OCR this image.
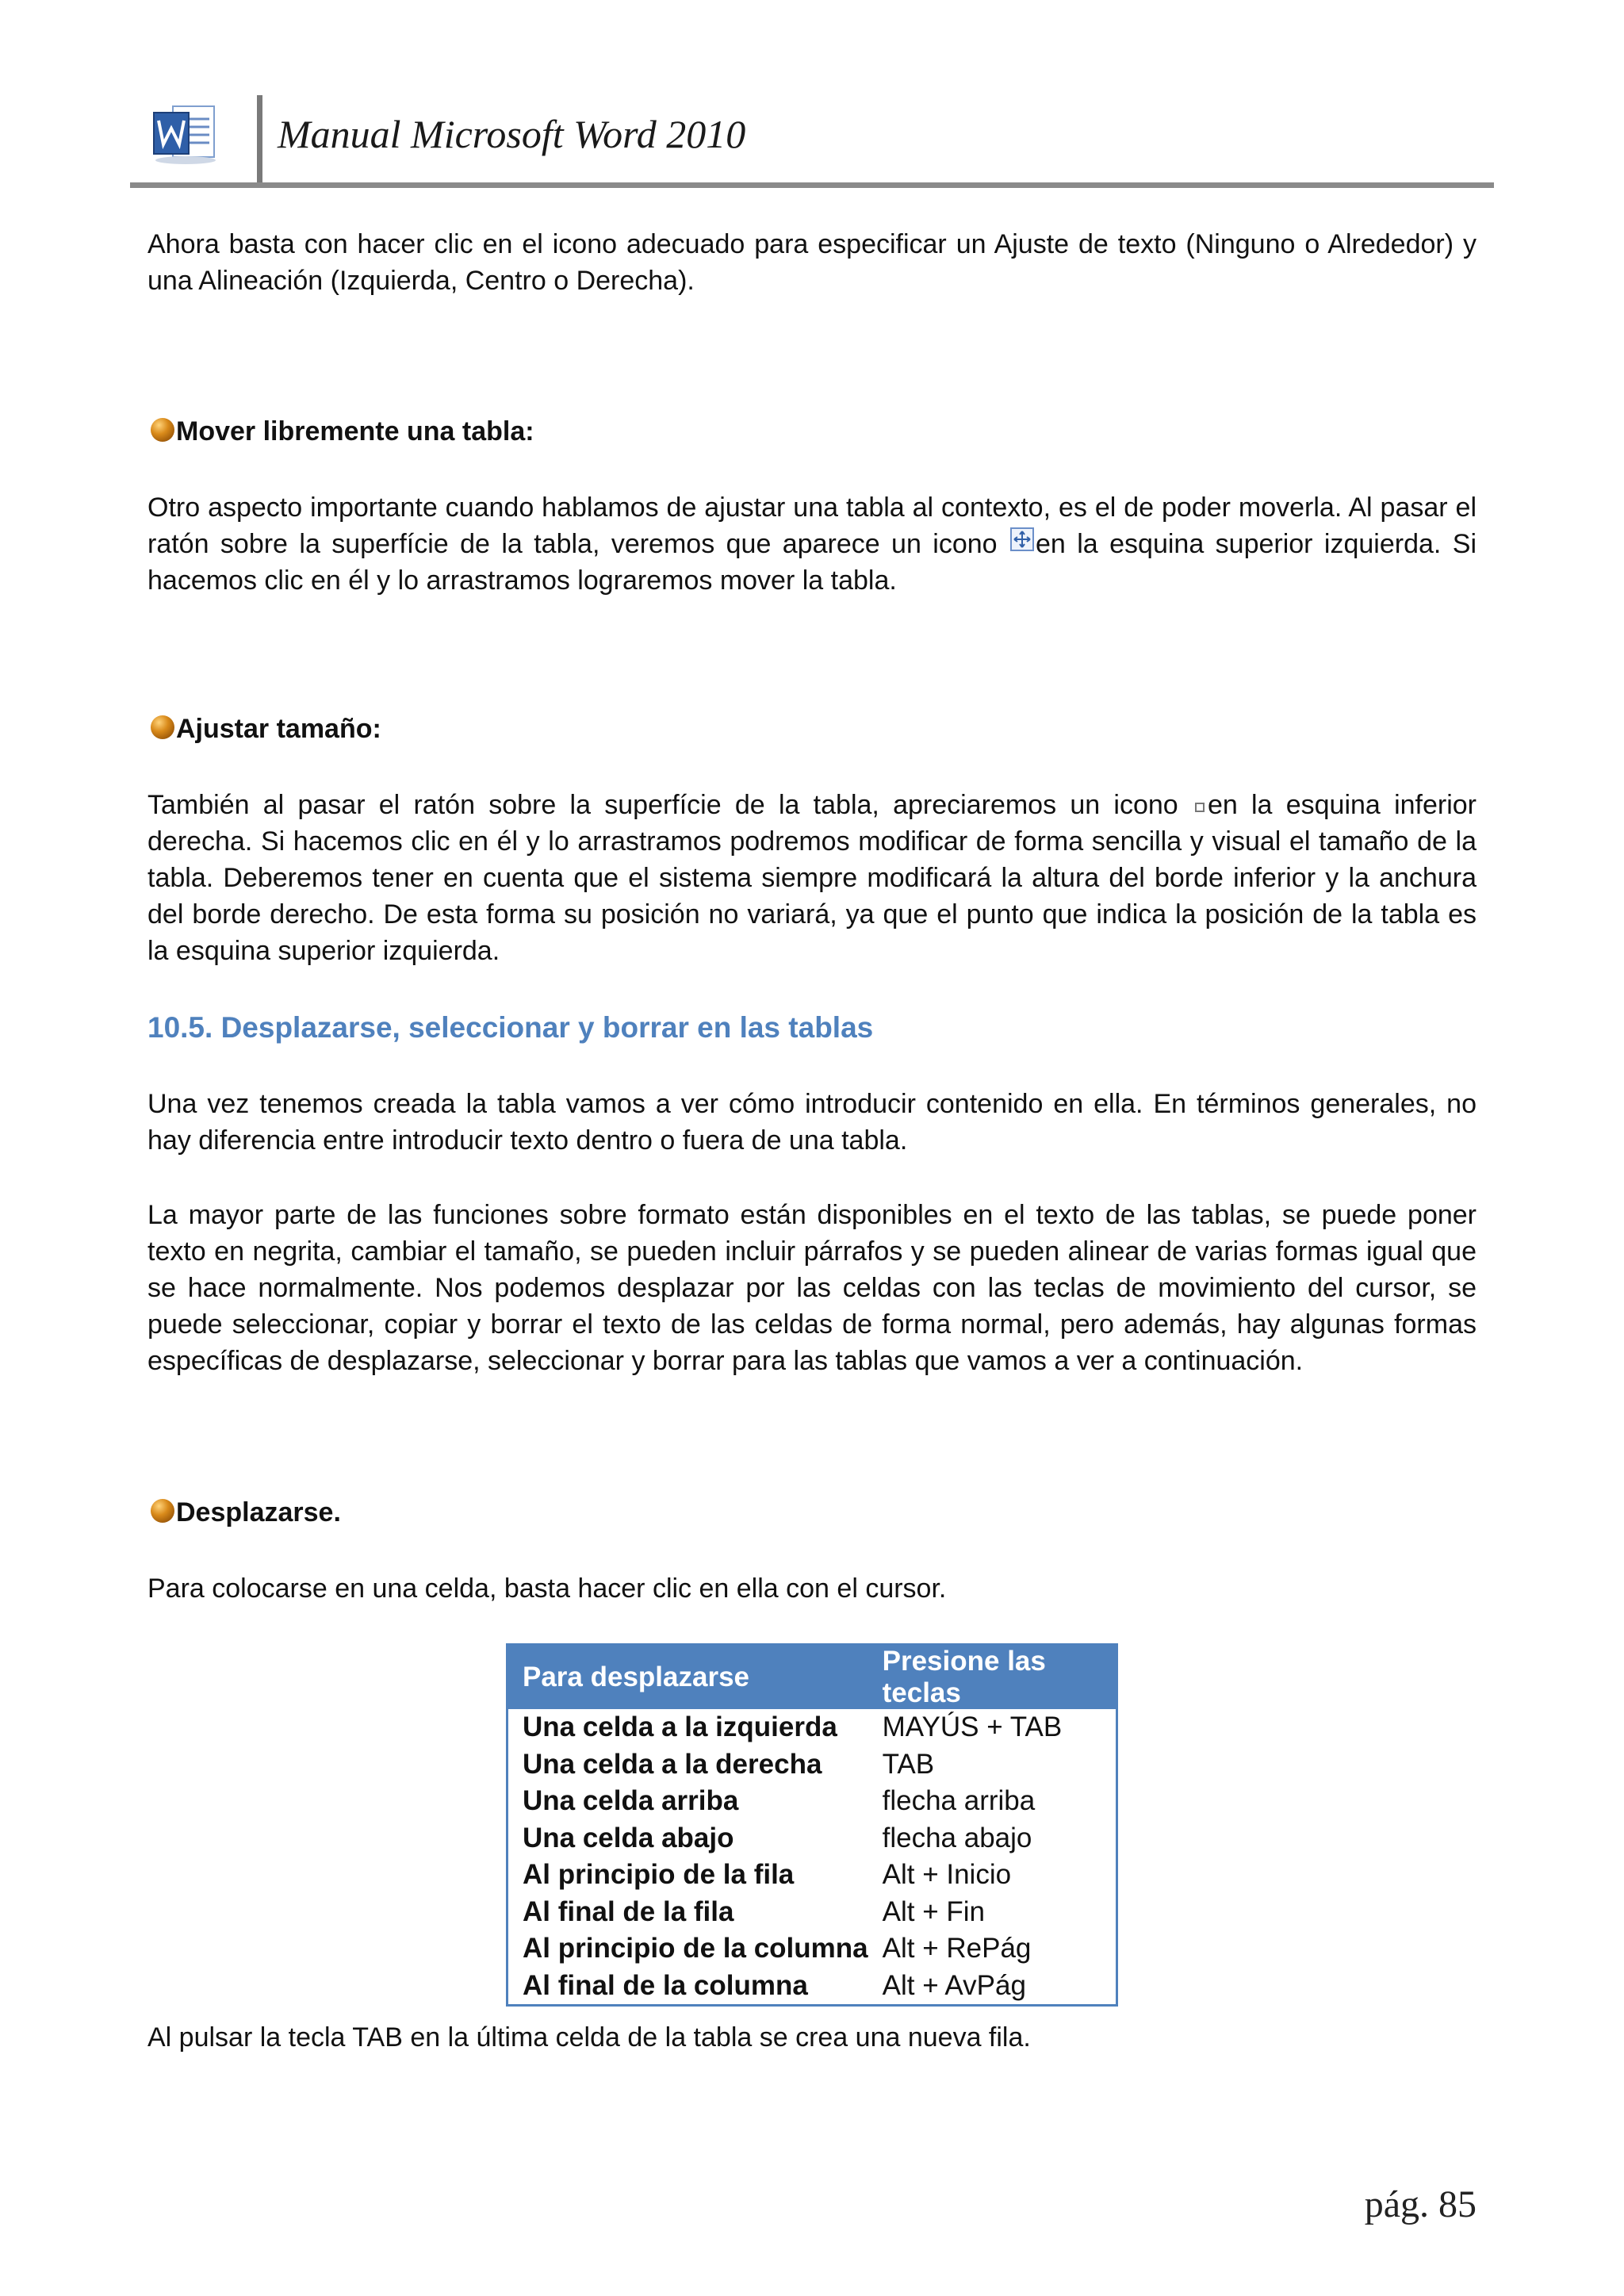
Manual Microsoft Word 2010

Ahora basta con hacer clic en el icono adecuado para especificar un Ajuste de texto (Ninguno o Alrededor) y una Alineación (Izquierda, Centro o Derecha).

Mover libremente una tabla:

Otro aspecto importante cuando hablamos de ajustar una tabla al contexto, es el de poder moverla. Al pasar el ratón sobre la superfície de la tabla, veremos que aparece un icono
en la esquina superior izquierda. Si hacemos clic en él y lo arrastramos lograremos mover la tabla.

Ajustar tamaño:

También al pasar el ratón sobre la superfície de la tabla, apreciaremos un icono en la esquina inferior derecha. Si hacemos clic en él y lo arrastramos podremos modificar de forma sencilla y visual el tamaño de la tabla. Deberemos tener en cuenta que el sistema siempre modificará la altura del borde inferior y la anchura del borde derecho. De esta forma su posición no variará, ya que el punto que indica la posición de la tabla es la esquina superior izquierda.

10.5. Desplazarse, seleccionar y borrar en las tablas

Una vez tenemos creada la tabla vamos a ver cómo introducir contenido en ella. En términos generales, no hay diferencia entre introducir texto dentro o fuera de una tabla.

La mayor parte de las funciones sobre formato están disponibles en el texto de las tablas, se puede poner texto en negrita, cambiar el tamaño, se pueden incluir párrafos y se pueden alinear de varias formas igual que se hace normalmente. Nos podemos desplazar por las celdas con las teclas de movimiento del cursor, se puede seleccionar, copiar y borrar el texto de las celdas de forma normal, pero además, hay algunas formas específicas de desplazarse, seleccionar y borrar para las tablas que vamos a ver a continuación.

Desplazarse.

Para colocarse en una celda, basta hacer clic en ella con el cursor.

Para desplazarse	Presione las teclas
Una celda a la izquierda	MAYÚS + TAB
Una celda a la derecha	TAB
Una celda arriba	flecha arriba
Una celda abajo	flecha abajo
Al principio de la fila	Alt + Inicio
Al final de la fila	Alt + Fin
Al principio de la columna	Alt + RePág
Al final de la columna	Alt + AvPág

Al pulsar la tecla TAB en la última celda de la tabla se crea una nueva fila.

pág. 85
